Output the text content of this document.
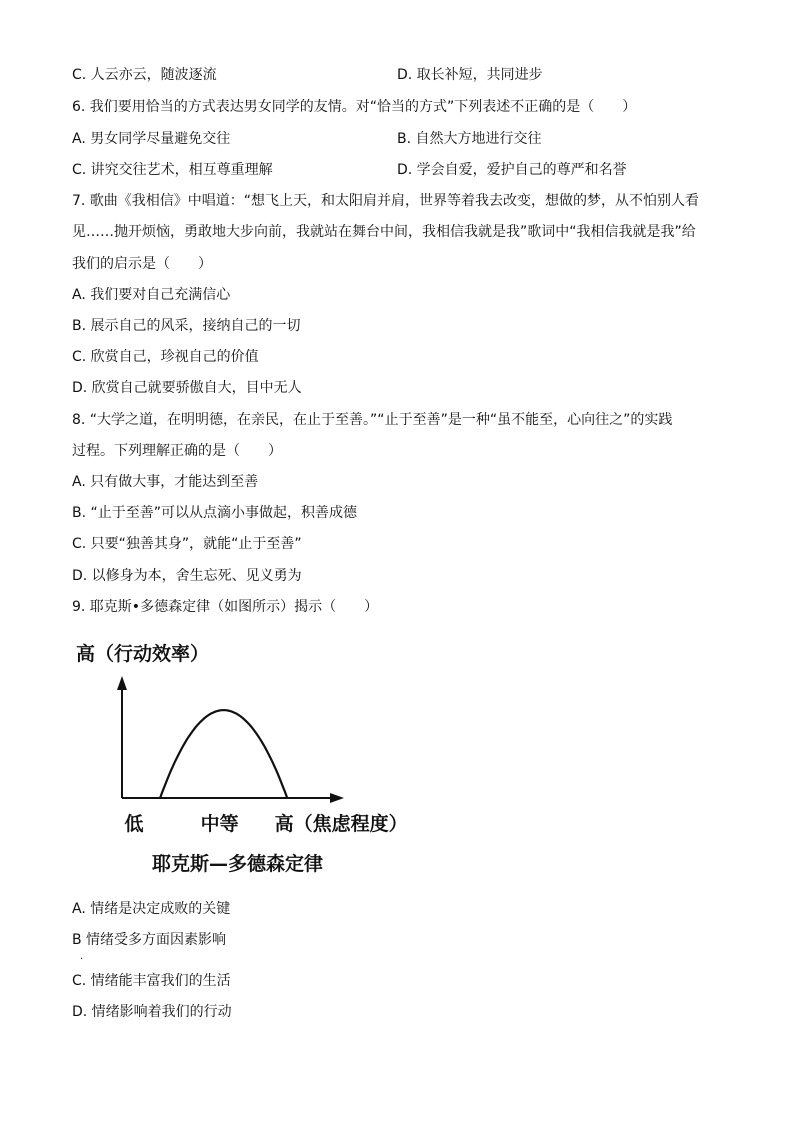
C. 人云亦云，随波逐流	D. 取长补短，共同进步
6. 我们要用恰当的方式表达男女同学的友情。对“恰当的方式”下列表述不正确的是（　　）
A. 男女同学尽量避免交往	B. 自然大方地进行交往
C. 讲究交往艺术，相互尊重理解	D. 学会自爱，爱护自己的尊严和名誉
7. 歌曲《我相信》中唱道：“想飞上天，和太阳肩并肩，世界等着我去改变，想做的梦，从不怕别人看
见……抛开烦恼，勇敢地大步向前，我就站在舞台中间，我相信我就是我”歌词中“我相信我就是我”给
我们的启示是（　　）
A. 我们要对自己充满信心
B. 展示自己的风采，接纳自己的一切
C. 欣赏自己，珍视自己的价值
D. 欣赏自己就要骄傲自大，目中无人
8. “大学之道，在明明德，在亲民，在止于至善。”“止于至善”是一种“虽不能至，心向往之”的实践
过程。下列理解正确的是（　　）
A. 只有做大事，才能达到至善
B. “止于至善”可以从点滴小事做起，积善成德
C. 只要“独善其身”，就能“止于至善”
D. 以修身为本，舍生忘死、见义勇为
9. 耶克斯•多德森定律（如图所示）揭示（　　）
高（行动效率）
低	中等 高（焦虑程度）
耶克斯—多德森定律
A. 情绪是决定成败的关键
B 情绪受多方面因素影响
.
C. 情绪能丰富我们的生活
D. 情绪影响着我们的行动
